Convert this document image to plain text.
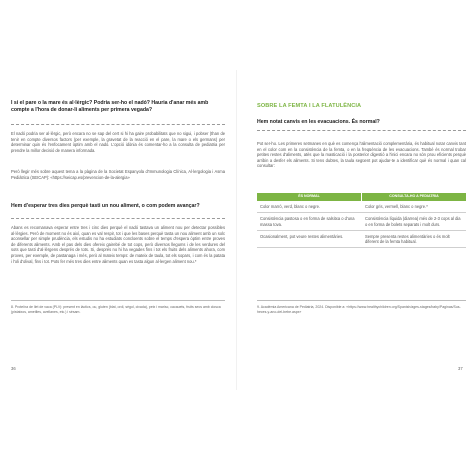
I si el pare o la mare és al·lèrgic? Podria ser-ho el nadó? Hauria d'anar més amb compte a l'hora de donar-li aliments per primera vegada?
El nadó podria ser al·lèrgic, però encara no se sap del cert si hi ha gaire probabilitats que no sigui, i pobser (than de tenir en compte diversos factors (per exemple, la gravetat de la reacció en el pare, la mare o els germans) per determinar quin és l'enfocament òptim amb el nadó. L'opció idònia és comentar-ho a la consulta de pediatria per prendre la millor decisió de manera informada.
Però llegir més sobre aquest tema a la pàgina de la Societat Espanyola d'Immunologia Clínica, Al·lergologia i Asma Pediàtrica (SEICAP): «https://seicap.es/prevencion-de-la-alergia»
Hem d'esperar tres dies perquè tasti un nou aliment, o com podem avançar?
Abans es recomanava esperar entre tres i cinc dies perquè el nadó tastava un aliment nou per detectar possibles al·lèrgies. Però de moment no és així, quan es val respir, tot i que les bases perquè tasta un nou aliment amb un solc aconsellar per simple prudència, els estudis no ha estudiats concloents sobre el temps d'espera òptim entre proves de diferents aliments. Amb el pas dels dies ofereix gairebé de tot cops, però diversos llegums i de les verdures del sots que tasti d'al·lèrgens després de tots. Si, després no hi ha vegades fins i tot els fruits dels aliments ahora, com proves, per exemple, de pastanaga i més, però al mateix temps: de mateix de taula, tot els sopars, i com és la patata i l'oli d'olival, fins i tot. Pots fer més tres dies entre aliments quan es tasta algun al·lergen aliment nou.*
8. Proteïna de llet de vaca (PLV): present en làctics, ou, gluten (blat, ordi, sègol, civada), peix i marisc, cacauets, fruits secs amb closca (pistatxos, ametlles, avellanes, etc.) i sèsam.
36
SOBRE LA FEMTA I LA FLATULÈNCIA
Hem notat canvis en les evacuacions. És normal?
Pot ser-ho. Les primeres setmanes en què es comença l'alimentació complementària, és habitual notar canvis tant en el color com en la consistència de la femta, o en la freqüència de les evacuacions. També és normal trobar petites restes d'aliments, atès que la masticació i la posterior digestió a l'inici encara no són prou eficients perquè arribin a desfer els aliments. Si tens dubtes, la taula següent pot ajudar-te a identificar què és normal i quan cal consultar:
ÉS NORMAL	CONSULTA-HO A PEDIATRIA
Color marró, verd, blanc o negre.	Color gris, vermell, blanc o negre.*
Consistència pastosa o en forma de salsitxa o d'una massa tova.	Consistència líquida (diarrea) més de 2-3 cops al dia o en forma de bolets separats i molt durs.
Ocasionalment, pot veure restes alimentàries.	Sempre presenta restes alimentàries o és molt diferent de la femta habitual.
9. Acadèmia Americana de Pediatria, 2024. Disponible a: «https://www.healthychildren.org/Spanish/ages-stages/baby/Paginas/Sus-heces-y-ano-del-bebe.aspx»
37
